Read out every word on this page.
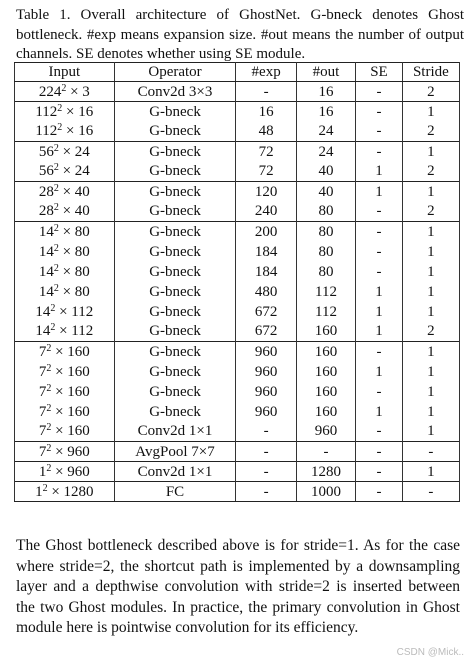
Table 1. Overall architecture of GhostNet. G-bneck denotes Ghost bottleneck. #exp means expansion size. #out means the number of output channels. SE denotes whether using SE module.
Input	Operator	#exp	#out	SE	Stride
$224^2 \times 3$	Conv2d 3×3	-	16	-	2
$112^2 \times 16$	G-bneck	16	16	-	1
$112^2 \times 16$	G-bneck	48	24	-	2
$56^2 \times 24$	G-bneck	72	24	-	1
$56^2 \times 24$	G-bneck	72	40	1	2
$28^2 \times 40$	G-bneck	120	40	1	1
$28^2 \times 40$	G-bneck	240	80	-	2
$14^2 \times 80$	G-bneck	200	80	-	1
$14^2 \times 80$	G-bneck	184	80	-	1
$14^2 \times 80$	G-bneck	184	80	-	1
$14^2 \times 80$	G-bneck	480	112	1	1
$14^2 \times 112$	G-bneck	672	112	1	1
$14^2 \times 112$	G-bneck	672	160	1	2
$7^2 \times 160$	G-bneck	960	160	-	1
$7^2 \times 160$	G-bneck	960	160	1	1
$7^2 \times 160$	G-bneck	960	160	-	1
$7^2 \times 160$	G-bneck	960	160	1	1
$7^2 \times 160$	Conv2d 1×1	-	960	-	1
$7^2 \times 960$	AvgPool 7×7	-	-	-	-
$1^2 \times 960$	Conv2d 1×1	-	1280	-	1
$1^2 \times 1280$	FC	-	1000	-	-
The Ghost bottleneck described above is for stride=1. As for the case where stride=2, the shortcut path is implemented by a downsampling layer and a depthwise convolution with stride=2 is inserted between the two Ghost modules. In practice, the primary convolution in Ghost module here is pointwise convolution for its efficiency.
CSDN @Mick..
